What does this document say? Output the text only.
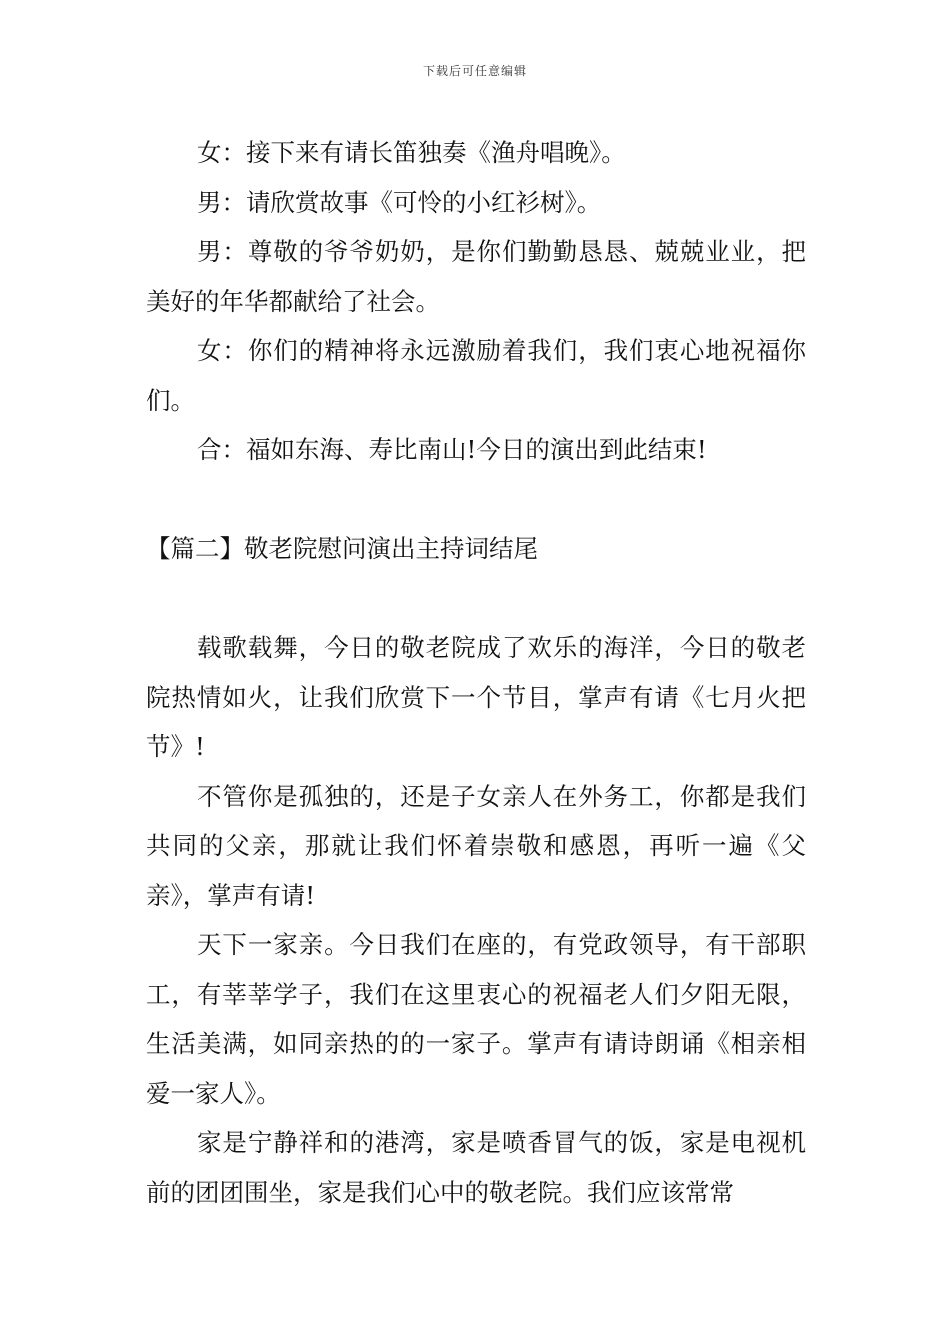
下载后可任意编辑

女：接下来有请长笛独奏《渔舟唱晚》。

男：请欣赏故事《可怜的小红衫树》。

男：尊敬的爷爷奶奶，是你们勤勤恳恳、兢兢业业，把美好的年华都献给了社会。

女：你们的精神将永远激励着我们，我们衷心地祝福你们。

合：福如东海、寿比南山!今日的演出到此结束!

【篇二】敬老院慰问演出主持词结尾

载歌载舞，今日的敬老院成了欢乐的海洋，今日的敬老院热情如火，让我们欣赏下一个节目，掌声有请《七月火把节》!

不管你是孤独的，还是子女亲人在外务工，你都是我们共同的父亲，那就让我们怀着崇敬和感恩，再听一遍《父亲》，掌声有请!

天下一家亲。今日我们在座的，有党政领导，有干部职工，有莘莘学子，我们在这里衷心的祝福老人们夕阳无限，生活美满，如同亲热的的一家子。掌声有请诗朗诵《相亲相爱一家人》。

家是宁静祥和的港湾，家是喷香冒气的饭，家是电视机前的团团围坐，家是我们心中的敬老院。我们应该常常
